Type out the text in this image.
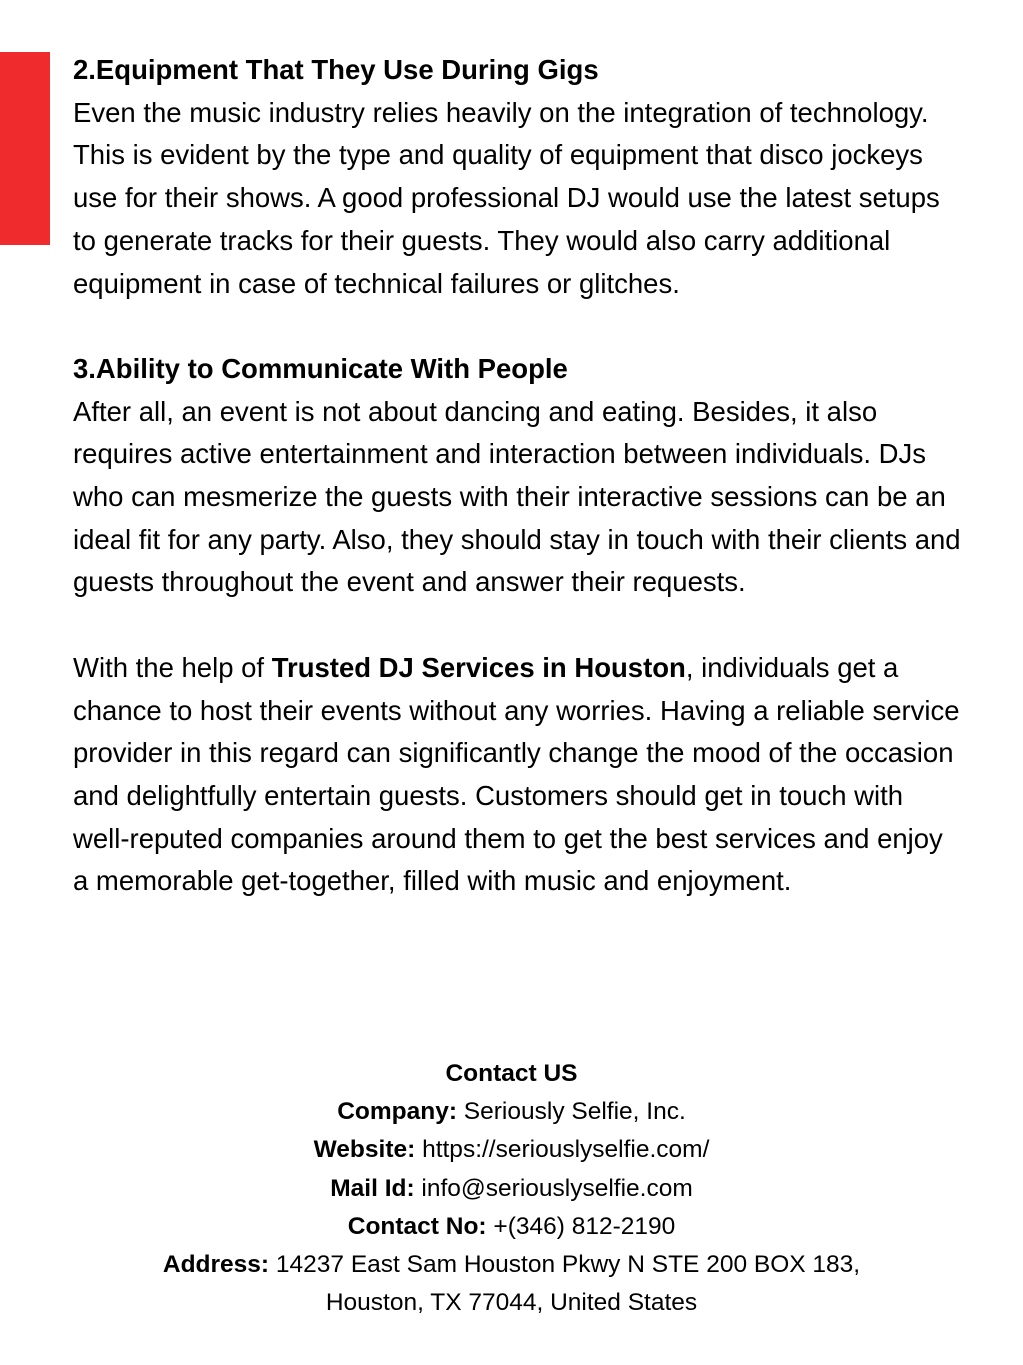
2.Equipment That They Use During Gigs
Even the music industry relies heavily on the integration of technology. This is evident by the type and quality of equipment that disco jockeys use for their shows. A good professional DJ would use the latest setups to generate tracks for their guests. They would also carry additional equipment in case of technical failures or glitches.
3.Ability to Communicate With People
After all, an event is not about dancing and eating. Besides, it also requires active entertainment and interaction between individuals. DJs who can mesmerize the guests with their interactive sessions can be an ideal fit for any party. Also, they should stay in touch with their clients and guests throughout the event and answer their requests.
With the help of Trusted DJ Services in Houston, individuals get a chance to host their events without any worries. Having a reliable service provider in this regard can significantly change the mood of the occasion and delightfully entertain guests. Customers should get in touch with well-reputed companies around them to get the best services and enjoy a memorable get-together, filled with music and enjoyment.
Contact US
Company: Seriously Selfie, Inc.
Website: https://seriouslyselfie.com/
Mail Id: info@seriouslyselfie.com
Contact No: +(346) 812-2190
Address: 14237 East Sam Houston Pkwy N STE 200 BOX 183,
Houston, TX 77044, United States
